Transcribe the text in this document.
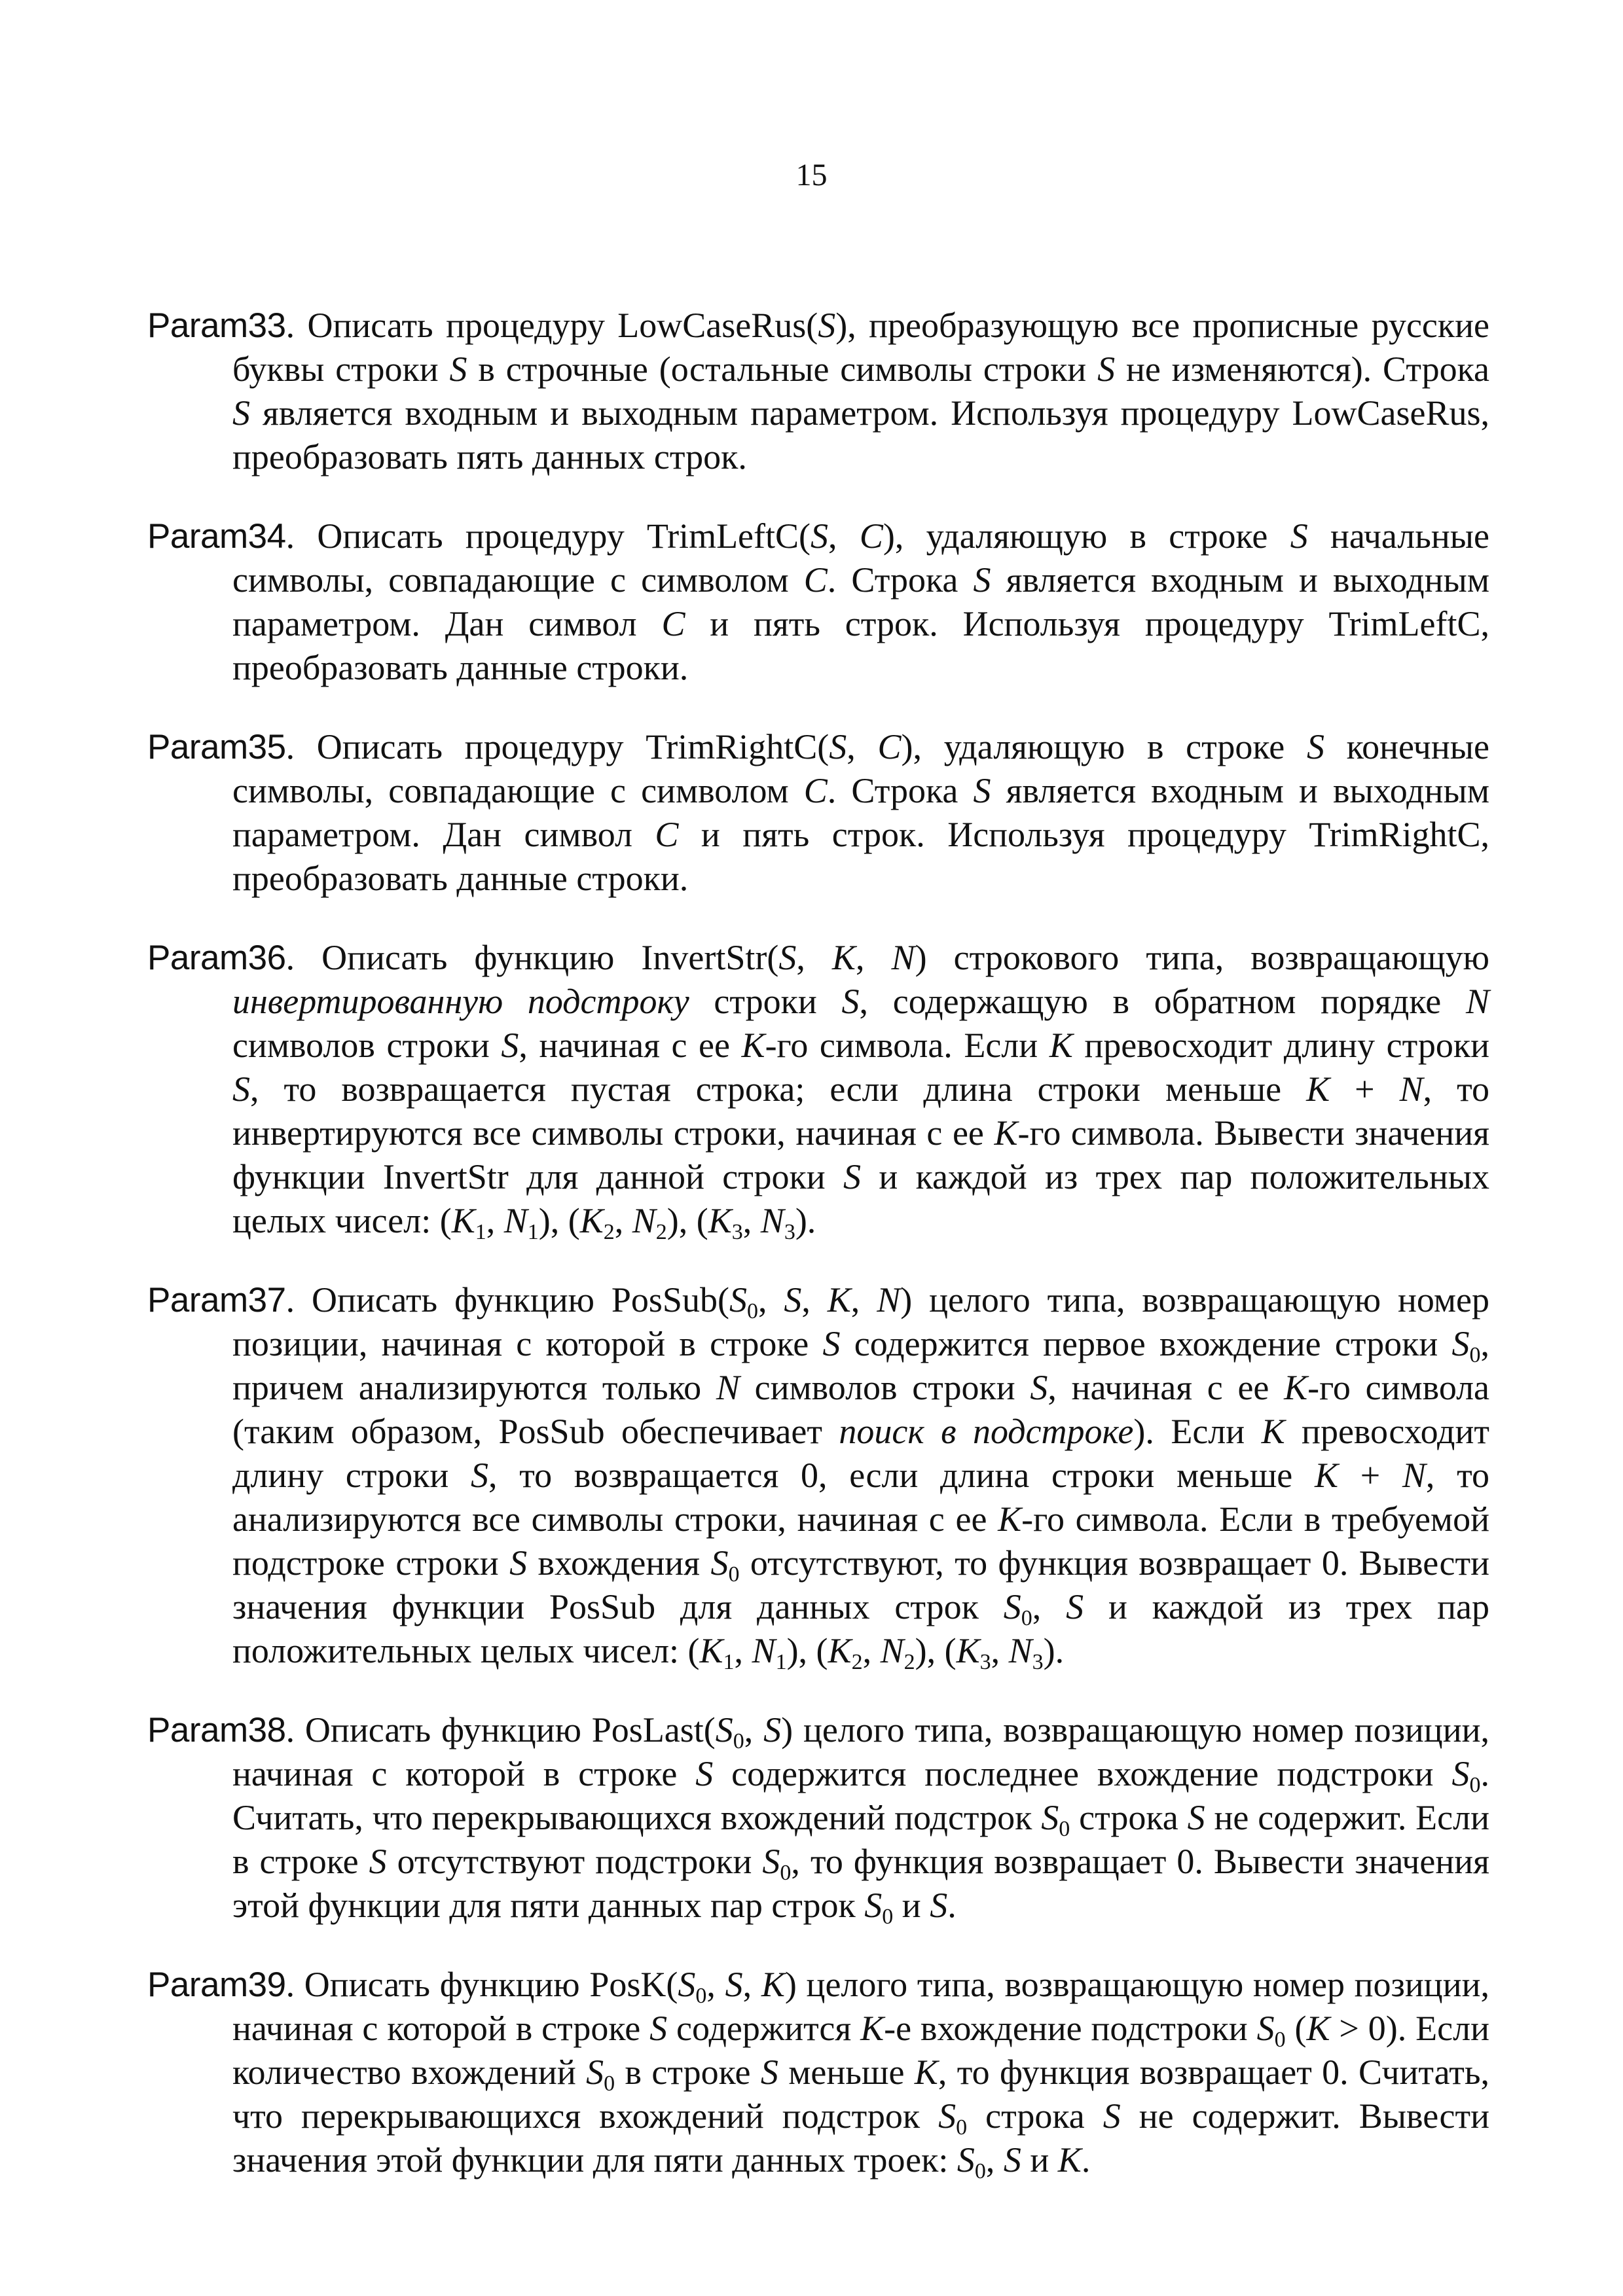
15

Param33. Описать процедуру LowCaseRus(S), преобразующую все прописные русские буквы строки S в строчные (остальные символы строки S не изменяются). Строка S является входным и выходным параметром. Используя процедуру LowCaseRus, преобразовать пять данных строк.

Param34. Описать процедуру TrimLeftC(S, C), удаляющую в строке S начальные символы, совпадающие с символом C. Строка S является входным и выходным параметром. Дан символ C и пять строк. Используя процедуру TrimLeftC, преобразовать данные строки.

Param35. Описать процедуру TrimRightC(S, C), удаляющую в строке S конечные символы, совпадающие с символом C. Строка S является входным и выходным параметром. Дан символ C и пять строк. Используя процедуру TrimRightC, преобразовать данные строки.

Param36. Описать функцию InvertStr(S, K, N) строкового типа, возвращающую инвертированную подстроку строки S, содержащую в обратном порядке N символов строки S, начиная с ее K-го символа. Если K превосходит длину строки S, то возвращается пустая строка; если длина строки меньше K + N, то инвертируются все символы строки, начиная с ее K-го символа. Вывести значения функции InvertStr для данной строки S и каждой из трех пар положительных целых чисел: ($K_1$, $N_1$), ($K_2$, $N_2$), ($K_3$, $N_3$).

Param37. Описать функцию $PosSub(S_0$, S, K, N) целого типа, возвращающую номер позиции, начиная с которой в строке S содержится первое вхождение строки $S_0$, причем анализируются только N символов строки S, начиная с ее K-го символа (таким образом, PosSub обеспечивает поиск в подстроке). Если K превосходит длину строки S, то возвращается 0, если длина строки меньше K + N, то анализируются все символы строки, начиная с ее K-го символа. Если в требуемой подстроке строки S вхождения $S_0$ отсутствуют, то функция возвращает 0. Вывести значения функции PosSub для данных строк $S_0$, S и каждой из трех пар положительных целых чисел: ($K_1$, $N_1$), ($K_2$, $N_2$), ($K_3$, $N_3$).

Param38. Описать функцию $PosLast(S_0$, S) целого типа, возвращающую номер позиции, начиная с которой в строке S содержится последнее вхождение подстроки $S_0$. Считать, что перекрывающихся вхождений подстрок $S_0$ строка S не содержит. Если в строке S отсутствуют подстроки $S_0$, то функция возвращает 0. Вывести значения этой функции для пяти данных пар строк $S_0$ и S.

Param39. Описать функцию $PosK(S_0$, S, K) целого типа, возвращающую номер позиции, начиная с которой в строке S содержится K-е вхождение подстроки $S_0$ (K > 0). Если количество вхождений $S_0$ в строке S меньше K, то функция возвращает 0. Считать, что перекрывающихся вхождений подстрок $S_0$ строка S не содержит. Вывести значения этой функции для пяти данных троек: $S_0$, S и K.
